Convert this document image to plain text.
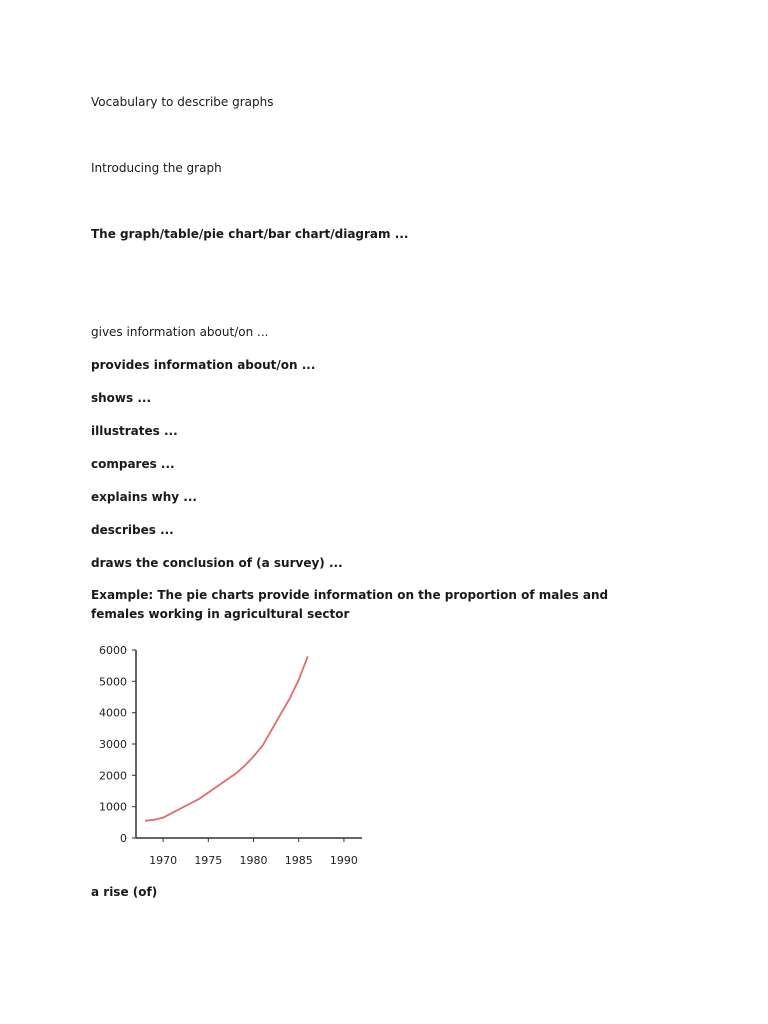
Vocabulary to describe graphs
Introducing the graph
The graph/table/pie chart/bar chart/diagram ...
gives information about/on ...
provides information about/on ...
shows ...
illustrates ...
compares ...
explains why ...
describes ...
draws the conclusion of (a survey) ...
Example: The pie charts provide information on the proportion of males and females working in agricultural sector
0
1000
2000
3000
4000
5000
6000
1970 1975 1980 1985 1990
a rise (of)
